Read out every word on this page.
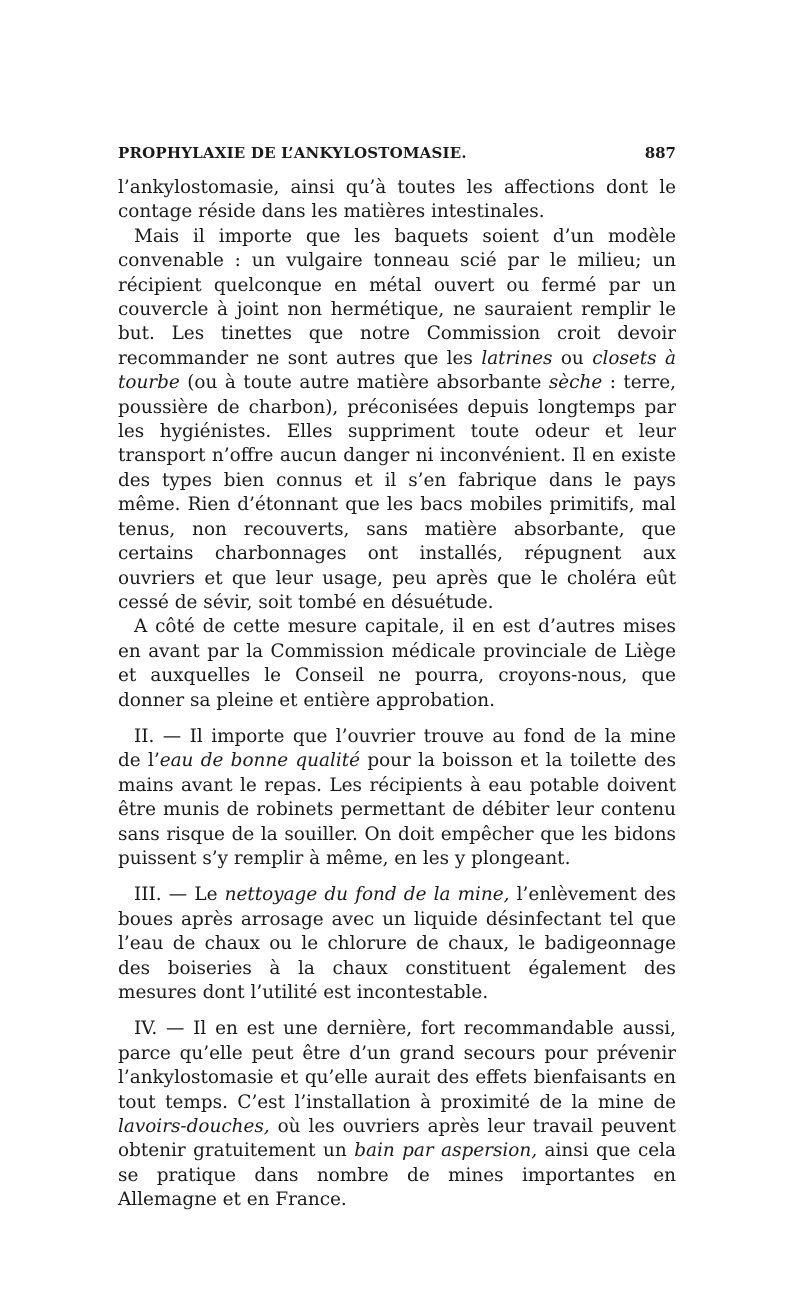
PROPHYLAXIE DE L’ANKYLOSTOMASIE.	887

l’ankylostomasie, ainsi qu’à toutes les affections dont le contage réside dans les matières intestinales.

Mais il importe que les baquets soient d’un modèle convenable : un vulgaire tonneau scié par le milieu; un récipient quelconque en métal ouvert ou fermé par un couvercle à joint non hermétique, ne sauraient remplir le but. Les tinettes que notre Commission croit devoir recommander ne sont autres que les latrines ou closets à tourbe (ou à toute autre matière absorbante sèche : terre, poussière de charbon), préconisées depuis longtemps par les hygiénistes. Elles suppriment toute odeur et leur transport n’offre aucun danger ni inconvénient. Il en existe des types bien connus et il s’en fabrique dans le pays même. Rien d’étonnant que les bacs mobiles primitifs, mal tenus, non recouverts, sans matière absorbante, que certains charbonnages ont installés, répugnent aux ouvriers et que leur usage, peu après que le choléra eût cessé de sévir, soit tombé en désuétude.

A côté de cette mesure capitale, il en est d’autres mises en avant par la Commission médicale provinciale de Liège et auxquelles le Conseil ne pourra, croyons-nous, que donner sa pleine et entière approbation.

II. — Il importe que l’ouvrier trouve au fond de la mine de l’eau de bonne qualité pour la boisson et la toilette des mains avant le repas. Les récipients à eau potable doivent être munis de robinets permettant de débiter leur contenu sans risque de la souiller. On doit empêcher que les bidons puissent s’y remplir à même, en les y plongeant.

III. — Le nettoyage du fond de la mine, l’enlèvement des boues après arrosage avec un liquide désinfectant tel que l’eau de chaux ou le chlorure de chaux, le badigeonnage des boiseries à la chaux constituent également des mesures dont l’utilité est incontestable.

IV. — Il en est une dernière, fort recommandable aussi, parce qu’elle peut être d’un grand secours pour prévenir l’ankylostomasie et qu’elle aurait des effets bienfaisants en tout temps. C’est l’installation à proximité de la mine de lavoirs-douches, où les ouvriers après leur travail peuvent obtenir gratuitement un bain par aspersion, ainsi que cela se pratique dans nombre de mines importantes en Allemagne et en France.
